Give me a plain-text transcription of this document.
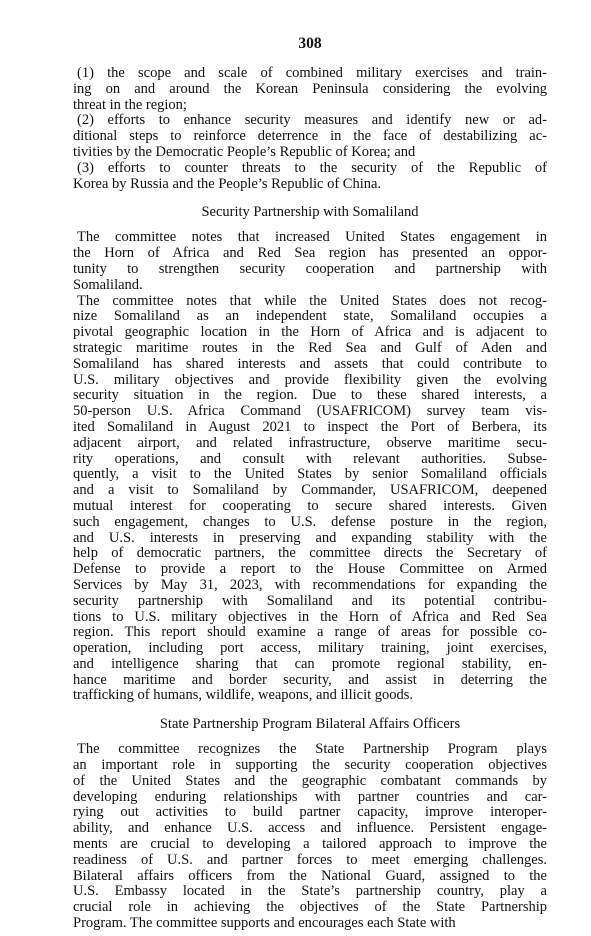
308
(1) the scope and scale of combined military exercises and train-
ing on and around the Korean Peninsula considering the evolving
threat in the region;
(2) efforts to enhance security measures and identify new or ad-
ditional steps to reinforce deterrence in the face of destabilizing ac-
tivities by the Democratic People’s Republic of Korea; and
(3) efforts to counter threats to the security of the Republic of
Korea by Russia and the People’s Republic of China.
Security Partnership with Somaliland
The committee notes that increased United States engagement in
the Horn of Africa and Red Sea region has presented an oppor-
tunity to strengthen security cooperation and partnership with
Somaliland.
The committee notes that while the United States does not recog-
nize Somaliland as an independent state, Somaliland occupies a
pivotal geographic location in the Horn of Africa and is adjacent to
strategic maritime routes in the Red Sea and Gulf of Aden and
Somaliland has shared interests and assets that could contribute to
U.S. military objectives and provide flexibility given the evolving
security situation in the region. Due to these shared interests, a
50-person U.S. Africa Command (USAFRICOM) survey team vis-
ited Somaliland in August 2021 to inspect the Port of Berbera, its
adjacent airport, and related infrastructure, observe maritime secu-
rity operations, and consult with relevant authorities. Subse-
quently, a visit to the United States by senior Somaliland officials
and a visit to Somaliland by Commander, USAFRICOM, deepened
mutual interest for cooperating to secure shared interests. Given
such engagement, changes to U.S. defense posture in the region,
and U.S. interests in preserving and expanding stability with the
help of democratic partners, the committee directs the Secretary of
Defense to provide a report to the House Committee on Armed
Services by May 31, 2023, with recommendations for expanding the
security partnership with Somaliland and its potential contribu-
tions to U.S. military objectives in the Horn of Africa and Red Sea
region. This report should examine a range of areas for possible co-
operation, including port access, military training, joint exercises,
and intelligence sharing that can promote regional stability, en-
hance maritime and border security, and assist in deterring the
trafficking of humans, wildlife, weapons, and illicit goods.
State Partnership Program Bilateral Affairs Officers
The committee recognizes the State Partnership Program plays
an important role in supporting the security cooperation objectives
of the United States and the geographic combatant commands by
developing enduring relationships with partner countries and car-
rying out activities to build partner capacity, improve interoper-
ability, and enhance U.S. access and influence. Persistent engage-
ments are crucial to developing a tailored approach to improve the
readiness of U.S. and partner forces to meet emerging challenges.
Bilateral affairs officers from the National Guard, assigned to the
U.S. Embassy located in the State’s partnership country, play a
crucial role in achieving the objectives of the State Partnership
Program. The committee supports and encourages each State with
